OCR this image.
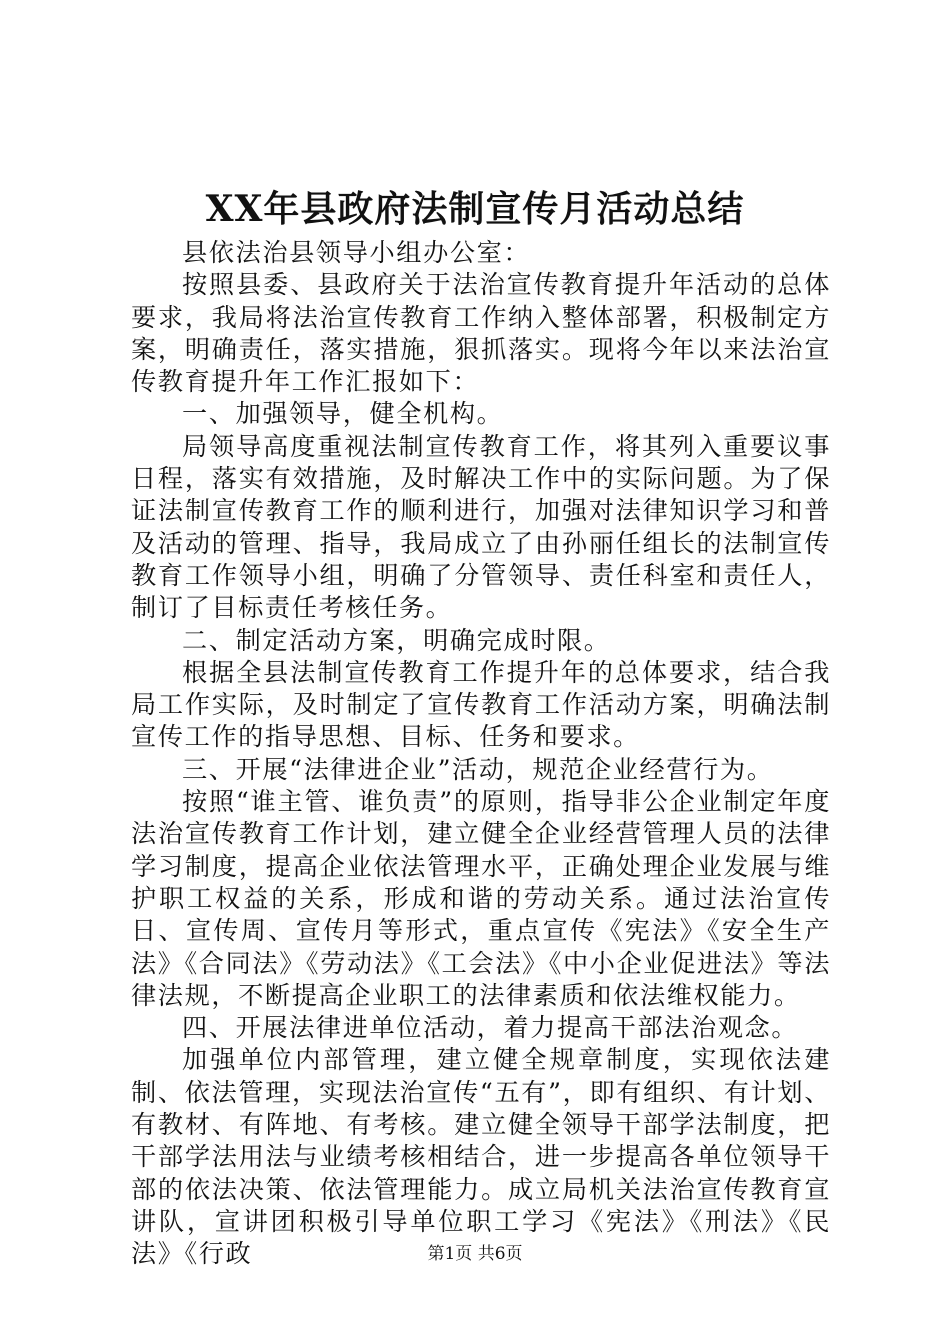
XX年县政府法制宣传月活动总结

县依法治县领导小组办公室：

按照县委、县政府关于法治宣传教育提升年活动的总体要求，我局将法治宣传教育工作纳入整体部署，积极制定方案，明确责任，落实措施，狠抓落实。现将今年以来法治宣传教育提升年工作汇报如下：

一、加强领导，健全机构。

局领导高度重视法制宣传教育工作，将其列入重要议事日程，落实有效措施，及时解决工作中的实际问题。为了保证法制宣传教育工作的顺利进行，加强对法律知识学习和普及活动的管理、指导，我局成立了由孙丽任组长的法制宣传教育工作领导小组，明确了分管领导、责任科室和责任人，制订了目标责任考核任务。

二、制定活动方案，明确完成时限。

根据全县法制宣传教育工作提升年的总体要求，结合我局工作实际，及时制定了宣传教育工作活动方案，明确法制宣传工作的指导思想、目标、任务和要求。

三、开展“法律进企业”活动，规范企业经营行为。

按照“谁主管、谁负责”的原则，指导非公企业制定年度法治宣传教育工作计划，建立健全企业经营管理人员的法律学习制度，提高企业依法管理水平，正确处理企业发展与维护职工权益的关系，形成和谐的劳动关系。通过法治宣传日、宣传周、宣传月等形式，重点宣传《宪法》《安全生产法》《合同法》《劳动法》《工会法》《中小企业促进法》等法律法规，不断提高企业职工的法律素质和依法维权能力。

四、开展法律进单位活动，着力提高干部法治观念。

加强单位内部管理，建立健全规章制度，实现依法建制、依法管理，实现法治宣传“五有”，即有组织、有计划、有教材、有阵地、有考核。建立健全领导干部学法制度，把干部学法用法与业绩考核相结合，进一步提高各单位领导干部的依法决策、依法管理能力。成立局机关法治宣传教育宣讲队，宣讲团积极引导单位职工学习《宪法》《刑法》《民法》《行政	第1页 共6页
